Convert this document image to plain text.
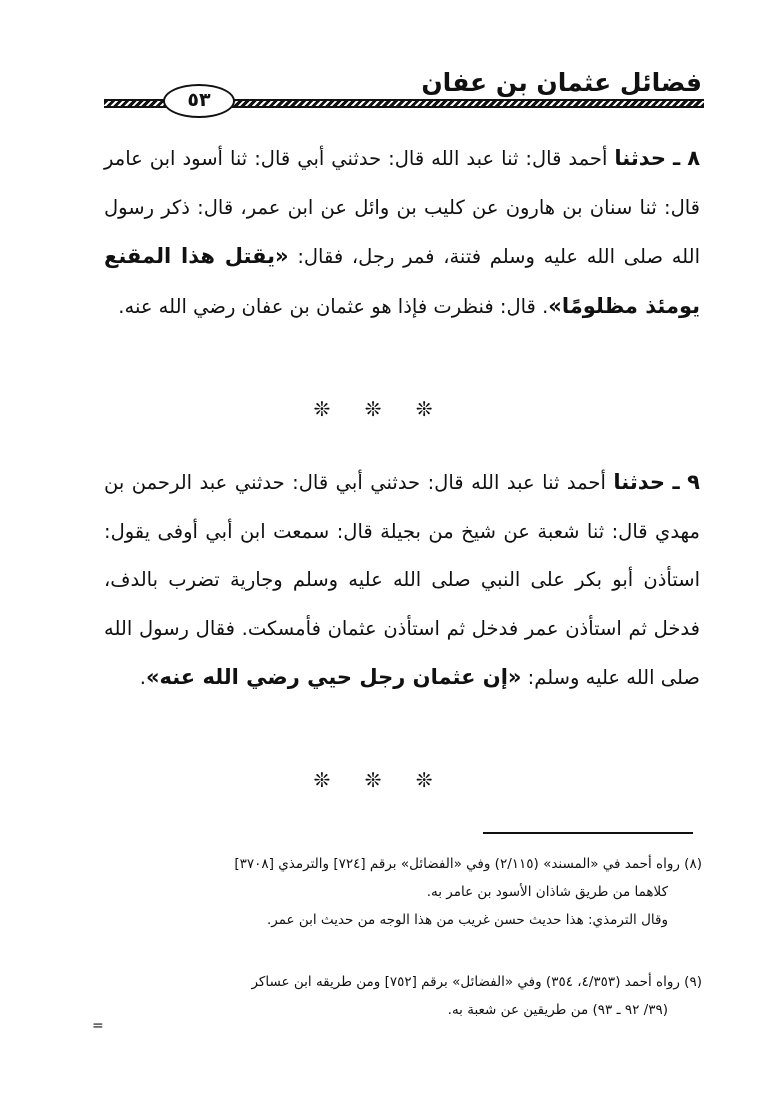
فضائل عثمان بن عفان
٥٣

٨ ـ حدثنا أحمد قال: ثنا عبد الله قال: حدثني أبي قال: ثنا أسود ابن عامر قال: ثنا سنان بن هارون عن كليب بن وائل عن ابن عمر، قال: ذكر رسول الله صلى الله عليه وسلم فتنة، فمر رجل، فقال: «يقتل هذا المقنع يومئذ مظلومًا». قال: فنظرت فإذا هو عثمان بن عفان رضي الله عنه.

❊ ❊ ❊

٩ ـ حدثنا أحمد ثنا عبد الله قال: حدثني أبي قال: حدثني عبد الرحمن بن مهدي قال: ثنا شعبة عن شيخ من بجيلة قال: سمعت ابن أبي أوفى يقول: استأذن أبو بكر على النبي صلى الله عليه وسلم وجارية تضرب بالدف، فدخل ثم استأذن عمر فدخل ثم استأذن عثمان فأمسكت. فقال رسول الله صلى الله عليه وسلم: «إن عثمان رجل حيي رضي الله عنه».

❊ ❊ ❊

(٨) رواه أحمد في «المسند» (٢/١١٥) وفي «الفضائل» برقم [٧٢٤] والترمذي [٣٧٠٨]

كلاهما من طريق شاذان الأسود بن عامر به.

وقال الترمذي: هذا حديث حسن غريب من هذا الوجه من حديث ابن عمر.

(٩) رواه أحمد (٤/٣٥٣، ٣٥٤) وفي «الفضائل» برقم [٧٥٢] ومن طريقه ابن عساكر

(٣٩/ ٩٢ ـ ٩٣) من طريقين عن شعبة به.

=
